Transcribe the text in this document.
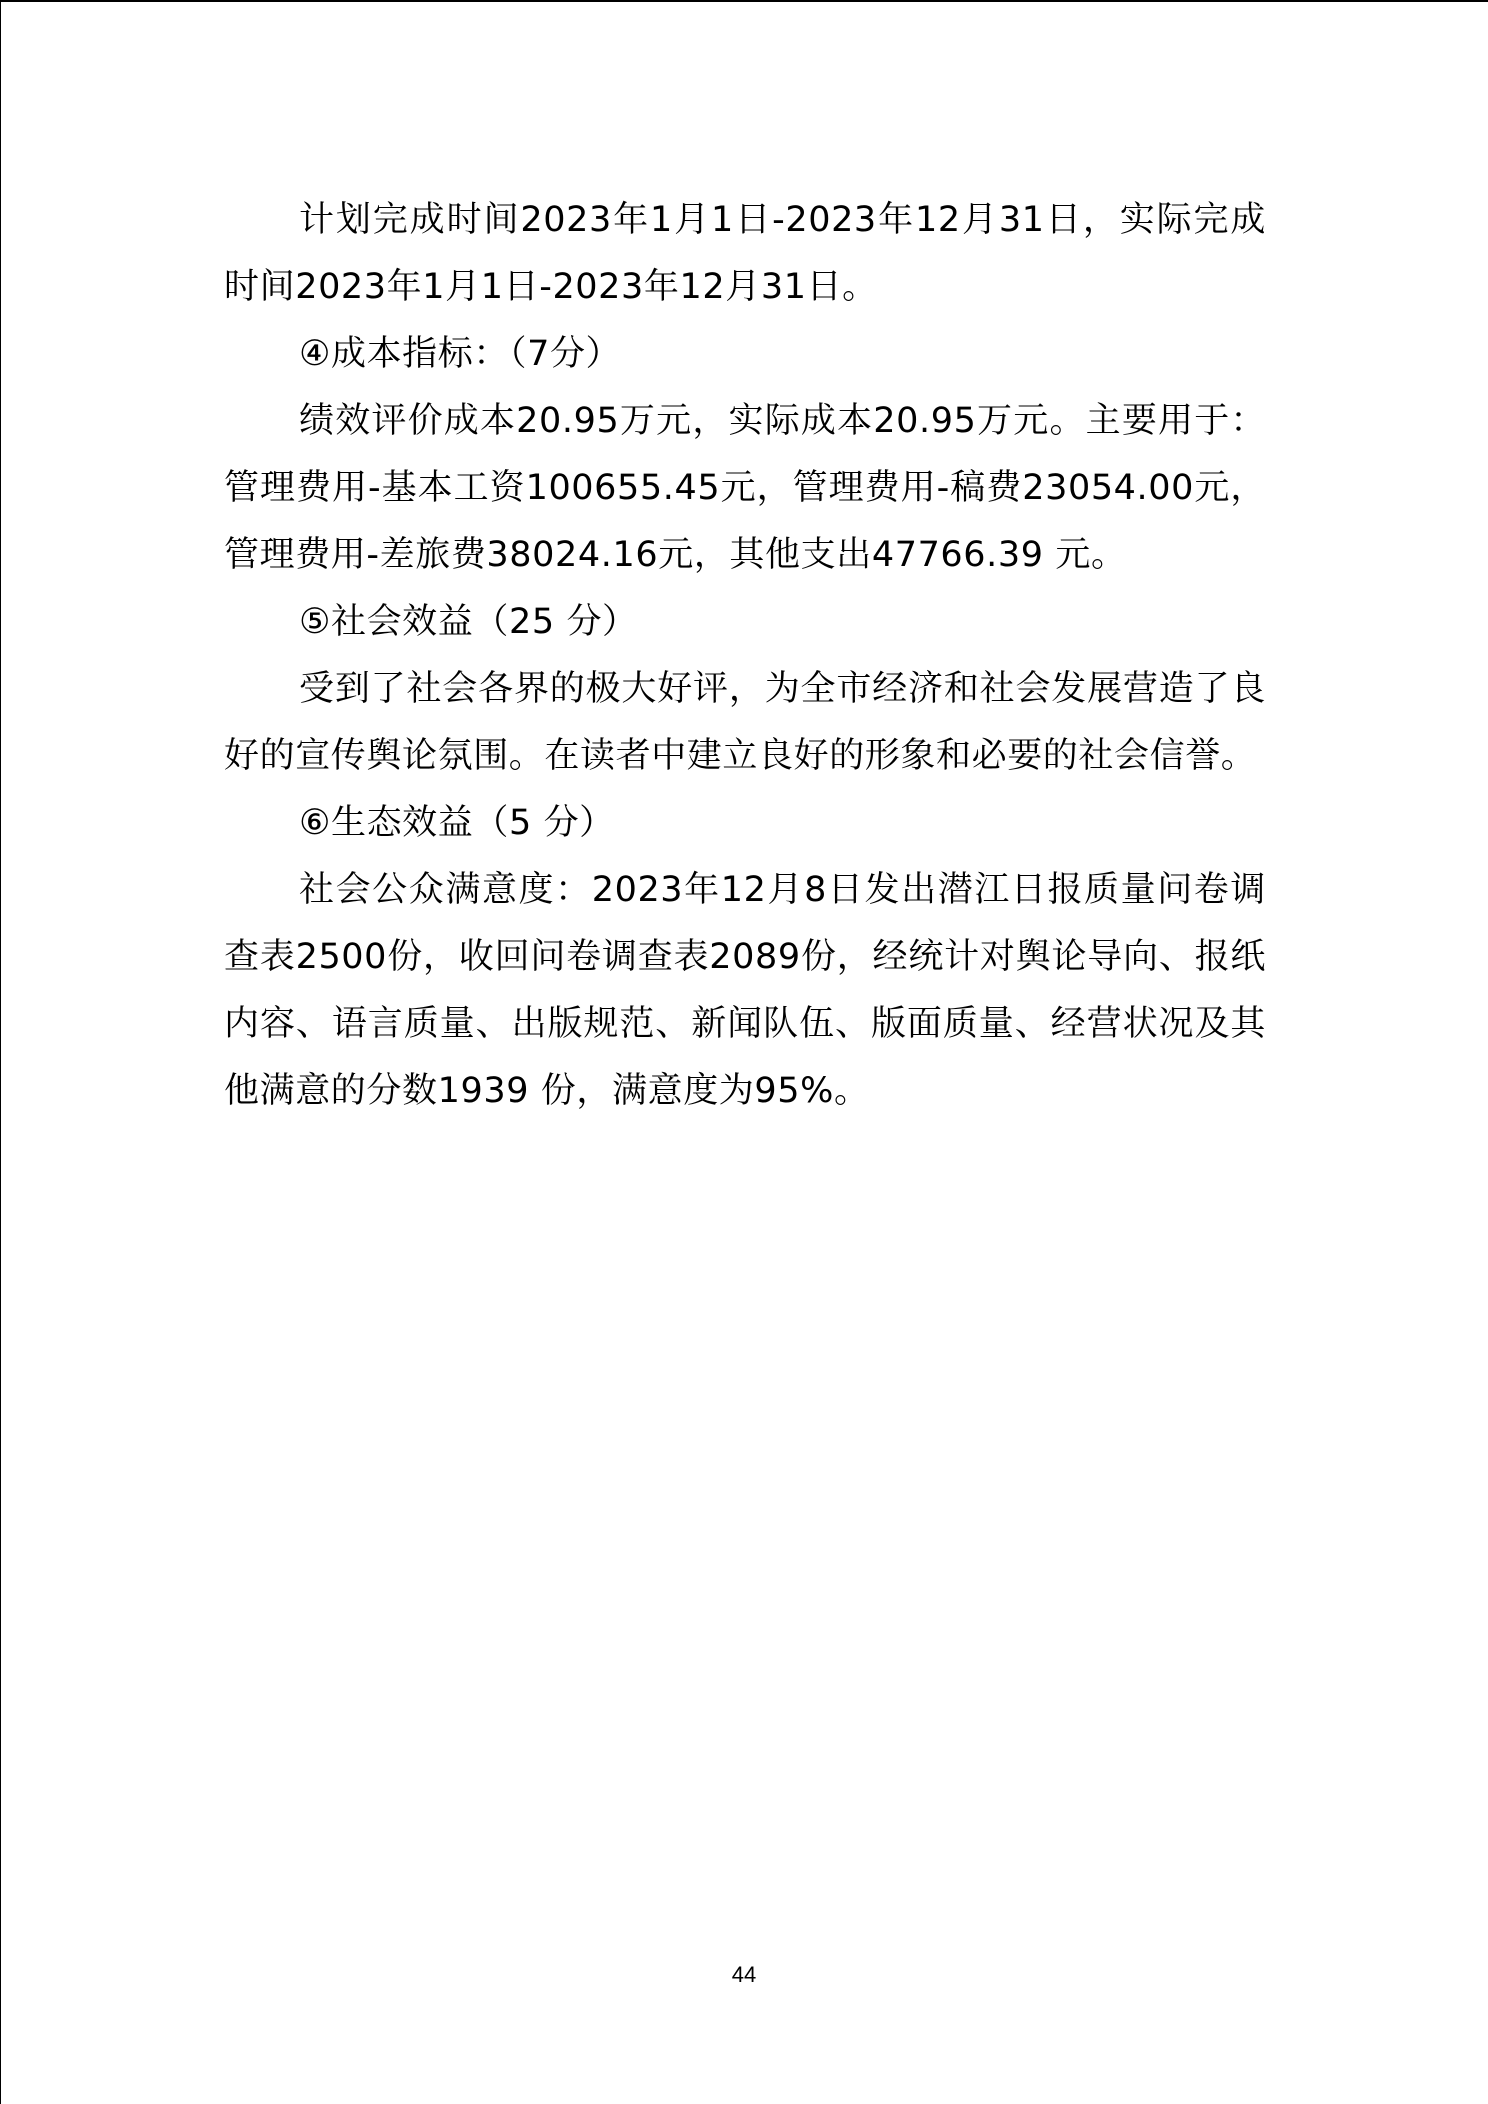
计划完成时间2023年1月1日-2023年12月31日，实际完成时间2023年1月1日-2023年12月31日。

④成本指标：（7分）

绩效评价成本20.95万元，实际成本20.95万元。主要用于：管理费用-基本工资100655.45元，管理费用-稿费23054.00元，管理费用-差旅费38024.16元，其他支出47766.39 元。

⑤社会效益（25 分）

受到了社会各界的极大好评，为全市经济和社会发展营造了良好的宣传舆论氛围。在读者中建立良好的形象和必要的社会信誉。

⑥生态效益（5 分）

社会公众满意度：2023年12月8日发出潜江日报质量问卷调查表2500份，收回问卷调查表2089份，经统计对舆论导向、报纸内容、语言质量、出版规范、新闻队伍、版面质量、经营状况及其他满意的分数1939 份，满意度为95%。

44
